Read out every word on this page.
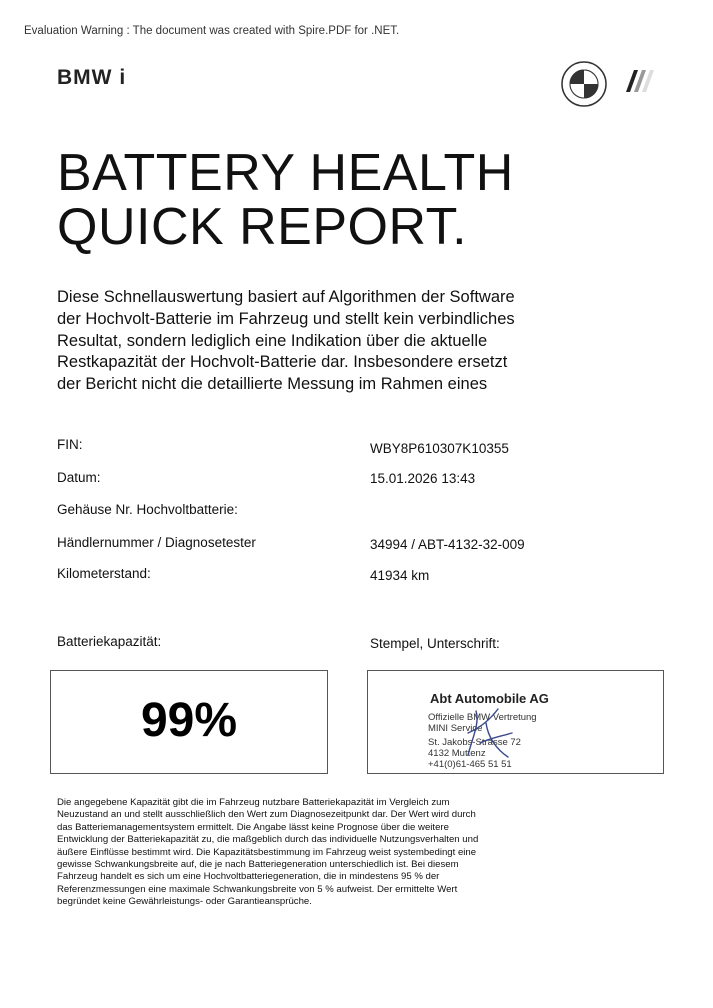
Evaluation Warning : The document was created with Spire.PDF for .NET.
BMW i
BATTERY HEALTH
QUICK REPORT.

Diese Schnellauswertung basiert auf Algorithmen der Software der Hochvolt-Batterie im Fahrzeug und stellt kein verbindliches Resultat, sondern lediglich eine Indikation über die aktuelle Restkapazität der Hochvolt-Batterie dar. Insbesondere ersetzt der Bericht nicht die detaillierte Messung im Rahmen eines

FIN:	WBY8P610307K10355
Datum:	15.01.2026 13:43
Gehäuse Nr. Hochvoltbatterie:
Händlernummer / Diagnosetester	34994 / ABT-4132-32-009
Kilometerstand:	41934 km
Batteriekapazität:	Stempel, Unterschrift:
99%	Abt Automobile AG
Offizielle BMW Vertretung
MINI Service
St. Jakobs-Strasse 72
4132 Muttenz
+41(0)61-465 51 51

Die angegebene Kapazität gibt die im Fahrzeug nutzbare Batteriekapazität im Vergleich zum Neuzustand an und stellt ausschließlich den Wert zum Diagnosezeitpunkt dar. Der Wert wird durch das Batteriemanagementsystem ermittelt. Die Angabe lässt keine Prognose über die weitere Entwicklung der Batteriekapazität zu, die maßgeblich durch das individuelle Nutzungsverhalten und äußere Einflüsse bestimmt wird. Die Kapazitätsbestimmung im Fahrzeug weist systembedingt eine gewisse Schwankungsbreite auf, die je nach Batteriegeneration unterschiedlich ist. Bei diesem Fahrzeug handelt es sich um eine Hochvoltbatteriegeneration, die in mindestens 95 % der Referenzmessungen eine maximale Schwankungsbreite von 5 % aufweist. Der ermittelte Wert begründet keine Gewährleistungs- oder Garantieansprüche.
